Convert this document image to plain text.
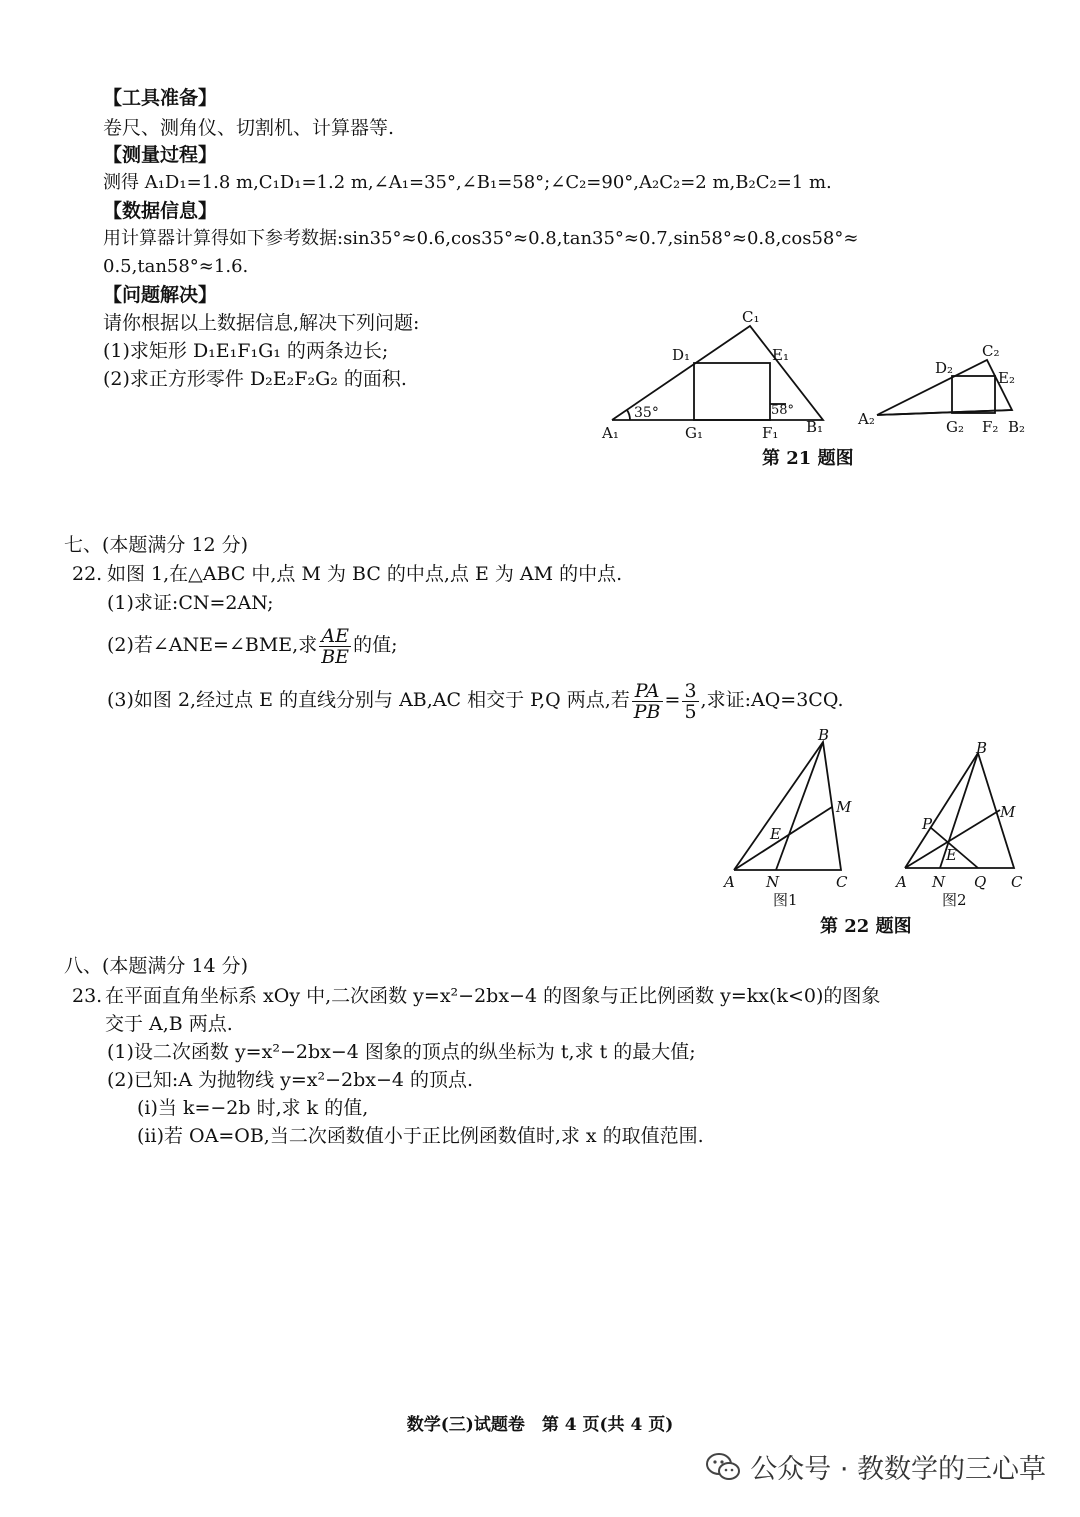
【工具准备】
卷尺、测角仪、切割机、计算器等.
【测量过程】
测得 A₁D₁=1.8 m,C₁D₁=1.2 m,∠A₁=35°,∠B₁=58°;∠C₂=90°,A₂C₂=2 m,B₂C₂=1 m.
【数据信息】
用计算器计算得如下参考数据:sin35°≈0.6,cos35°≈0.8,tan35°≈0.7,sin58°≈0.8,cos58°≈
0.5,tan58°≈1.6.
【问题解决】
请你根据以上数据信息,解决下列问题:
(1)求矩形 D₁E₁F₁G₁ 的两条边长;
(2)求正方形零件 D₂E₂F₂G₂ 的面积.
C₁
D₁	E₁
A₁	G₁	F₁ B₁
35°	58°
C₂
D₂
E₂
A₂	G₂ F₂ B₂
第 21 题图
七、(本题满分 12 分)
22. 如图 1,在△ABC 中,点 M 为 BC 的中点,点 E 为 AM 的中点.
(1)求证:CN=2AN;
(2)若∠ANE=∠BME,求 $\frac{AE}{BE}$ 的值;
(3)如图 2,经过点 E 的直线分别与 AB,AC 相交于 P,Q 两点,若 $\frac{PA}{PB} = \frac{3}{5}$ ,求证:AQ=3CQ.
B
M
E
A N	C
图1
B
M
P
E
A N Q C
图2
第 22 题图
八、(本题满分 14 分)
23. 在平面直角坐标系 xOy 中,二次函数 y=x²−2bx−4 的图象与正比例函数 y=kx(k<0)的图象
交于 A,B 两点.
(1)设二次函数 y=x²−2bx−4 图象的顶点的纵坐标为 t,求 t 的最大值;
(2)已知:A 为抛物线 y=x²−2bx−4 的顶点.
(i)当 k=−2b 时,求 k 的值,
(ii)若 OA=OB,当二次函数值小于正比例函数值时,求 x 的取值范围.
数学(三)试题卷　第 4 页(共 4 页)
公众号 · 教数学的三心草
